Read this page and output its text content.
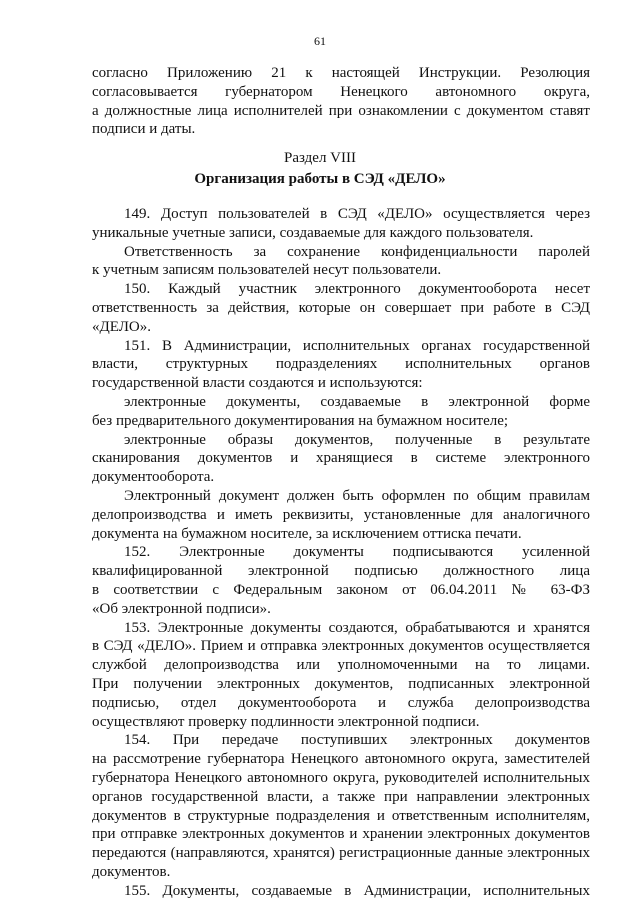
61
согласно Приложению 21 к настоящей Инструкции. Резолюция
согласовывается губернатором Ненецкого автономного округа,
а должностные лица исполнителей при ознакомлении с документом ставят
подписи и даты.
Раздел VIII
Организация работы в СЭД «ДЕЛО»
149. Доступ пользователей в СЭД «ДЕЛО» осуществляется через
уникальные учетные записи, создаваемые для каждого пользователя.
Ответственность за сохранение конфиденциальности паролей
к учетным записям пользователей несут пользователи.
150. Каждый участник электронного документооборота несет
ответственность за действия, которые он совершает при работе в СЭД
«ДЕЛО».
151. В Администрации, исполнительных органах государственной
власти, структурных подразделениях исполнительных органов
государственной власти создаются и используются:
электронные документы, создаваемые в электронной форме
без предварительного документирования на бумажном носителе;
электронные образы документов, полученные в результате
сканирования документов и хранящиеся в системе электронного
документооборота.
Электронный документ должен быть оформлен по общим правилам
делопроизводства и иметь реквизиты, установленные для аналогичного
документа на бумажном носителе, за исключением оттиска печати.
152. Электронные документы подписываются усиленной
квалифицированной электронной подписью должностного лица
в соответствии с Федеральным законом от 06.04.2011 № 63-ФЗ
«Об электронной подписи».
153. Электронные документы создаются, обрабатываются и хранятся
в СЭД «ДЕЛО». Прием и отправка электронных документов осуществляется
службой делопроизводства или уполномоченными на то лицами.
При получении электронных документов, подписанных электронной
подписью, отдел документооборота и служба делопроизводства
осуществляют проверку подлинности электронной подписи.
154. При передаче поступивших электронных документов
на рассмотрение губернатора Ненецкого автономного округа, заместителей
губернатора Ненецкого автономного округа, руководителей исполнительных
органов государственной власти, а также при направлении электронных
документов в структурные подразделения и ответственным исполнителям,
при отправке электронных документов и хранении электронных документов
передаются (направляются, хранятся) регистрационные данные электронных
документов.
155. Документы, создаваемые в Администрации, исполнительных
